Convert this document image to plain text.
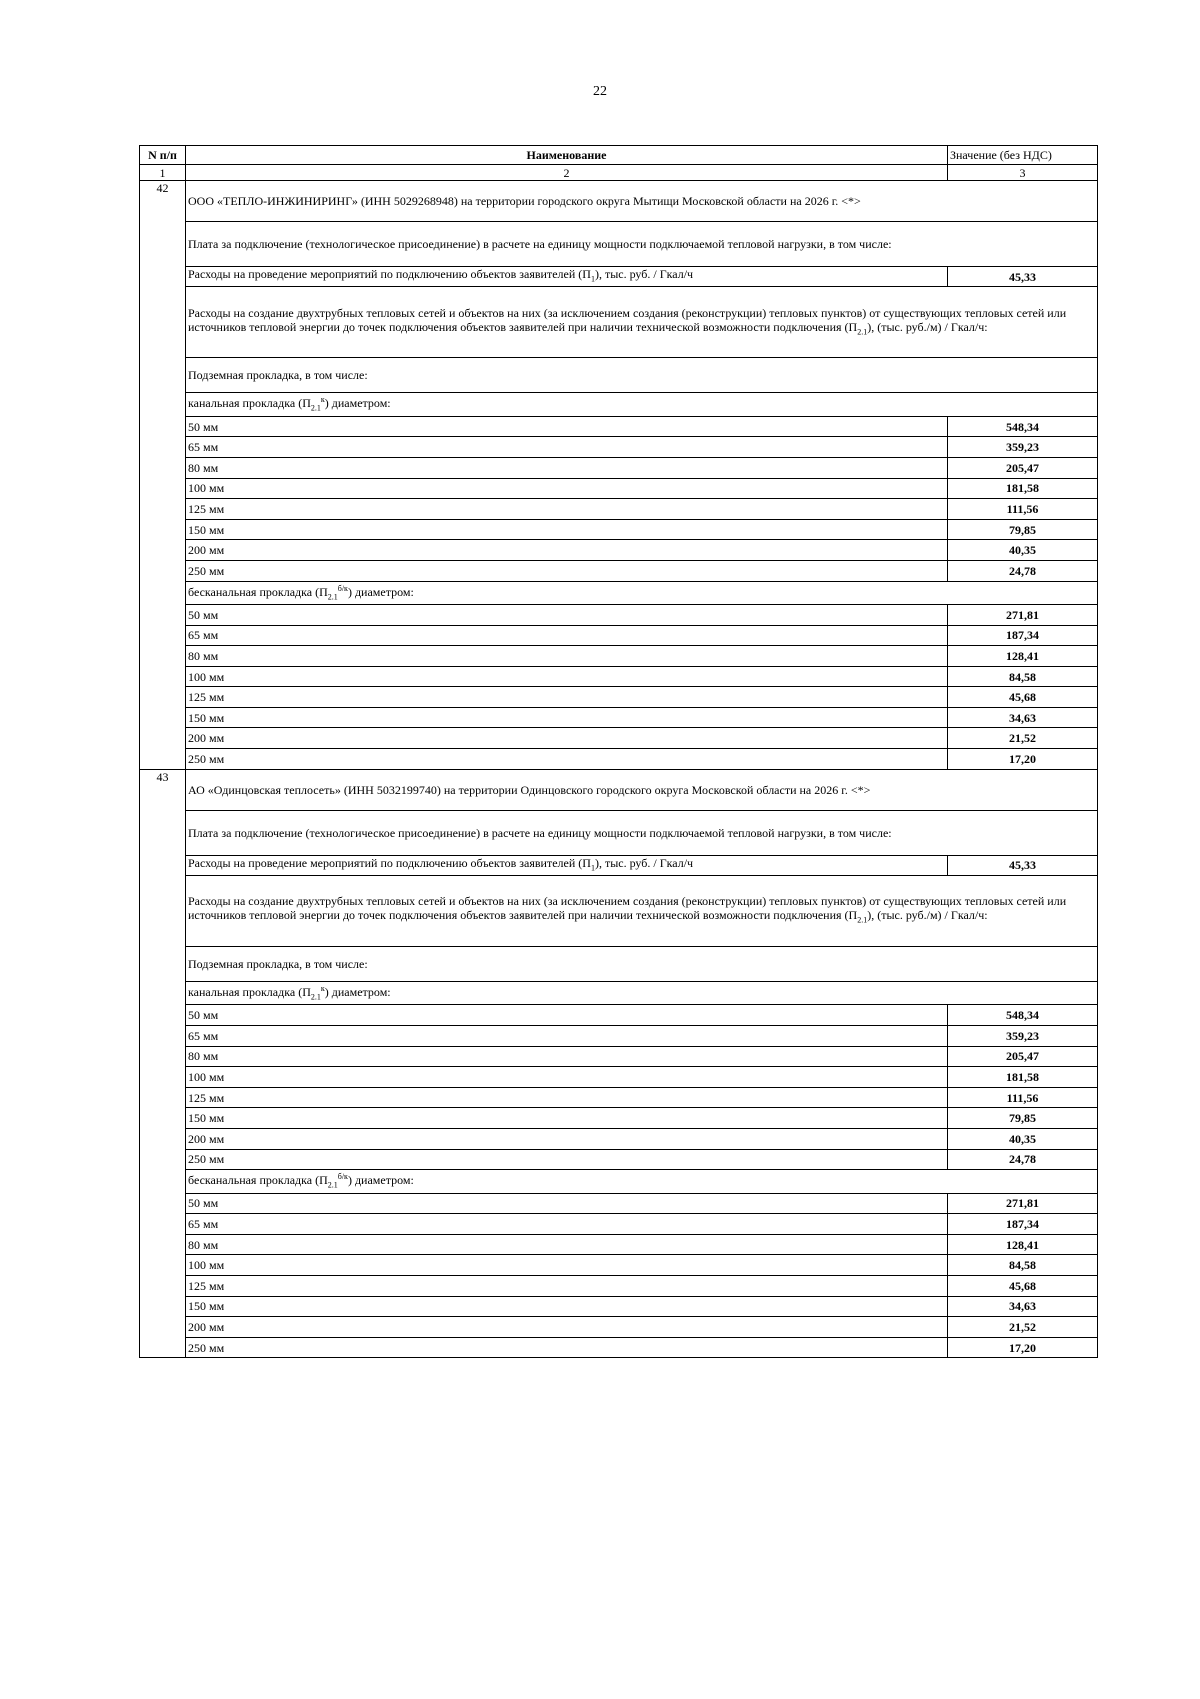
22
N п/п	Наименование	Значение (без НДС)
1	2	3
42	ООО «ТЕПЛО-ИНЖИНИРИНГ» (ИНН 5029268948) на территории городского округа Мытищи Московской области на 2026 г. <*>	
	Плата за подключение (технологическое присоединение) в расчете на единицу мощности подключаемой тепловой нагрузки, в том числе:	
	Расходы на проведение мероприятий по подключению объектов заявителей $(П_1)$, тыс. руб. / Гкал/ч	45,33
	Расходы на создание двухтрубных тепловых сетей и объектов на них (за исключением создания (реконструкции) тепловых пунктов) от существующих тепловых сетей или источников тепловой энергии до точек подключения объектов заявителей при наличии технической возможности подключения $(П_{2.1})$, (тыс. руб./м) / Гкал/ч:	
	Подземная прокладка, в том числе:	
	канальная прокладка $(П_{2.1}^к)$ диаметром:	
	50 мм	548,34
	65 мм	359,23
	80 мм	205,47
	100 мм	181,58
	125 мм	111,56
	150 мм	79,85
	200 мм	40,35
	250 мм	24,78
	бесканальная прокладка $(П_{2.1}^{б/к})$ диаметром:	
	50 мм	271,81
	65 мм	187,34
	80 мм	128,41
	100 мм	84,58
	125 мм	45,68
	150 мм	34,63
	200 мм	21,52
	250 мм	17,20
43	АО «Одинцовская теплосеть» (ИНН 5032199740) на территории Одинцовского городского округа Московской области на 2026 г. <*>	
	Плата за подключение (технологическое присоединение) в расчете на единицу мощности подключаемой тепловой нагрузки, в том числе:	
	Расходы на проведение мероприятий по подключению объектов заявителей $(П_1)$, тыс. руб. / Гкал/ч	45,33
	Расходы на создание двухтрубных тепловых сетей и объектов на них (за исключением создания (реконструкции) тепловых пунктов) от существующих тепловых сетей или источников тепловой энергии до точек подключения объектов заявителей при наличии технической возможности подключения $(П_{2.1})$, (тыс. руб./м) / Гкал/ч:	
	Подземная прокладка, в том числе:	
	канальная прокладка $(П_{2.1}^к)$ диаметром:	
	50 мм	548,34
	65 мм	359,23
	80 мм	205,47
	100 мм	181,58
	125 мм	111,56
	150 мм	79,85
	200 мм	40,35
	250 мм	24,78
	бесканальная прокладка $(П_{2.1}^{б/к})$ диаметром:	
	50 мм	271,81
	65 мм	187,34
	80 мм	128,41
	100 мм	84,58
	125 мм	45,68
	150 мм	34,63
	200 мм	21,52
	250 мм	17,20
